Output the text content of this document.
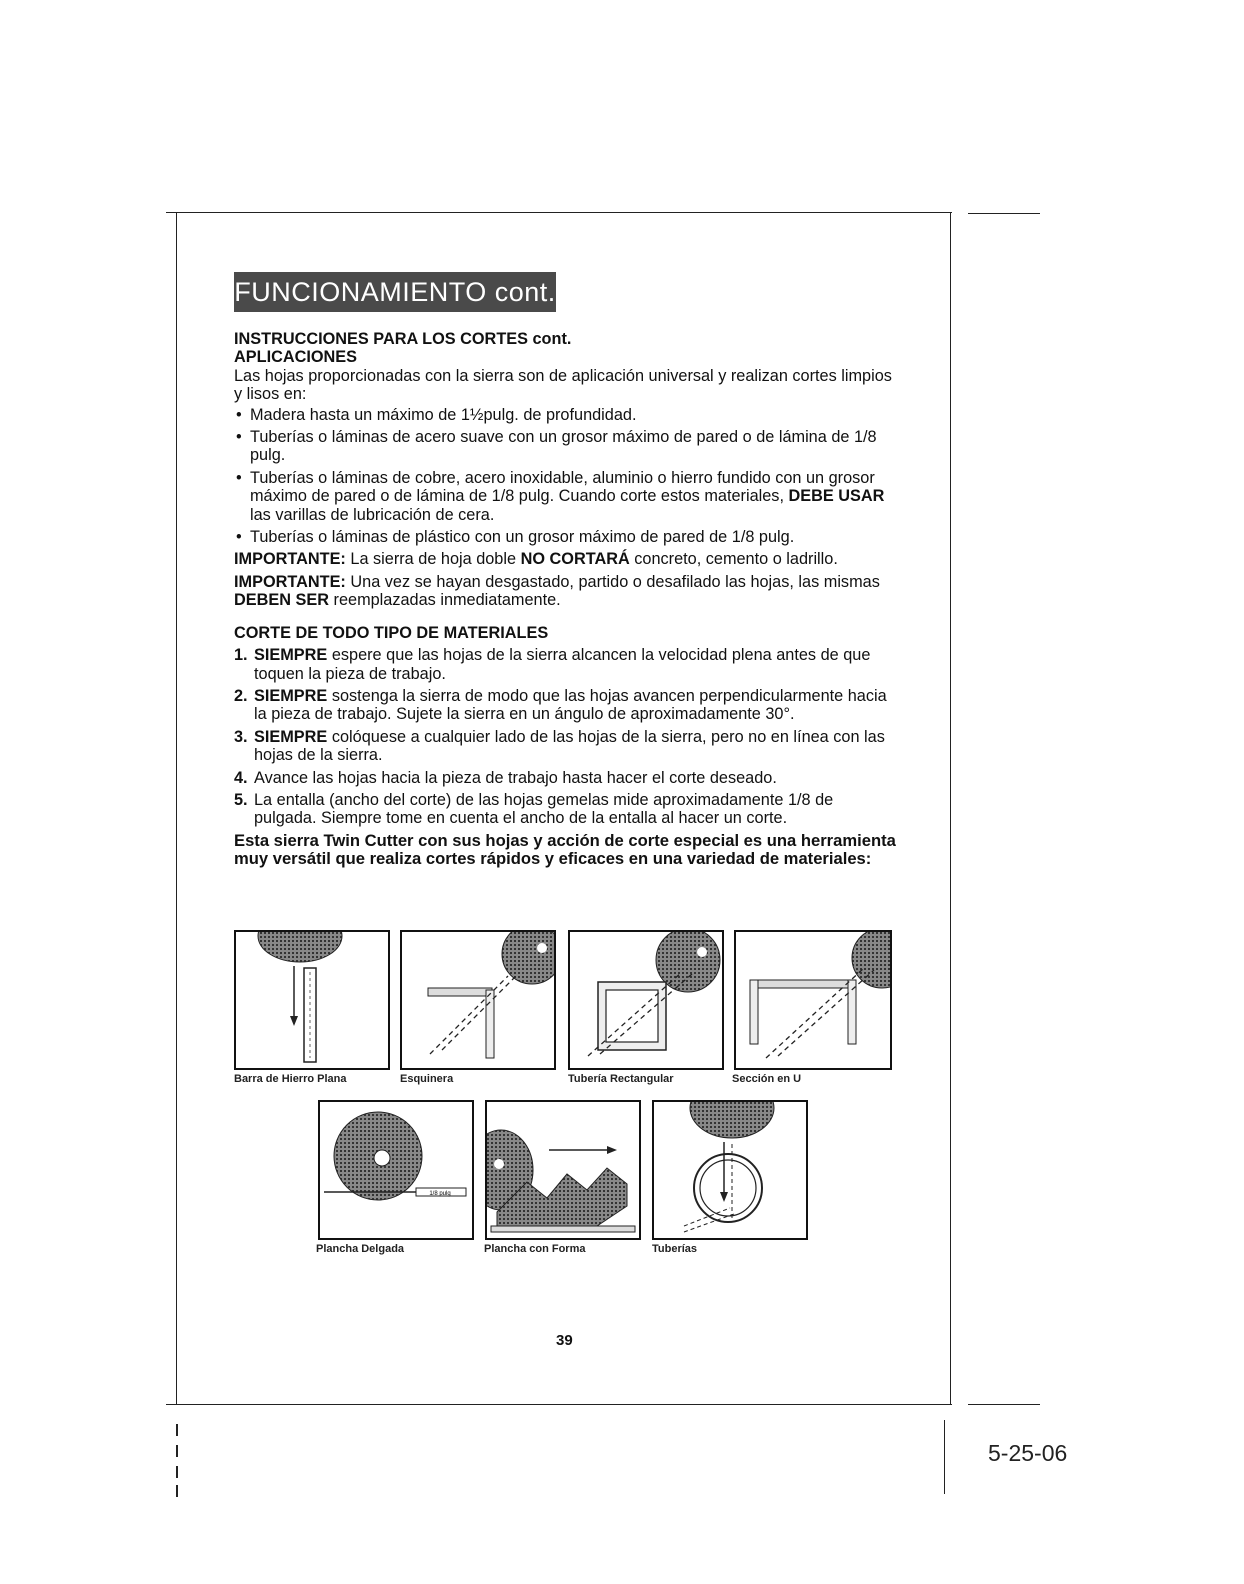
FUNCIONAMIENTO cont.

INSTRUCCIONES PARA LOS CORTES cont.

APLICACIONES

Las hojas proporcionadas con la sierra son de aplicación universal y realizan cortes limpios y lisos en:

• Madera hasta un máximo de 1½pulg. de profundidad.
• Tuberías o láminas de acero suave con un grosor máximo de pared o de lámina de 1/8 pulg.
• Tuberías o láminas de cobre, acero inoxidable, aluminio o hierro fundido con un grosor máximo de pared o de lámina de 1/8 pulg. Cuando corte estos materiales, DEBE USAR las varillas de lubricación de cera.
• Tuberías o láminas de plástico con un grosor máximo de pared de 1/8 pulg.

IMPORTANTE: La sierra de hoja doble NO CORTARÁ concreto, cemento o ladrillo.

IMPORTANTE: Una vez se hayan desgastado, partido o desafilado las hojas, las mismas DEBEN SER reemplazadas inmediatamente.

CORTE DE TODO TIPO DE MATERIALES

1. SIEMPRE espere que las hojas de la sierra alcancen la velocidad plena antes de que toquen la pieza de trabajo.
2. SIEMPRE sostenga la sierra de modo que las hojas avancen perpendicularmente hacia la pieza de trabajo. Sujete la sierra en un ángulo de aproximadamente 30°.
3. SIEMPRE colóquese a cualquier lado de las hojas de la sierra, pero no en línea con las hojas de la sierra.
4. Avance las hojas hacia la pieza de trabajo hasta hacer el corte deseado.
5. La entalla (ancho del corte) de las hojas gemelas mide aproximadamente 1/8 de pulgada. Siempre tome en cuenta el ancho de la entalla al hacer un corte.

Esta sierra Twin Cutter con sus hojas y acción de corte especial es una herramienta muy versátil que realiza cortes rápidos y eficaces en una variedad de materiales:

Barra de Hierro Plana	Esquinera	Tubería Rectangular	Sección en U
1/8 pulg
Plancha Delgada	Plancha con Forma	Tuberías
39
5-25-06
